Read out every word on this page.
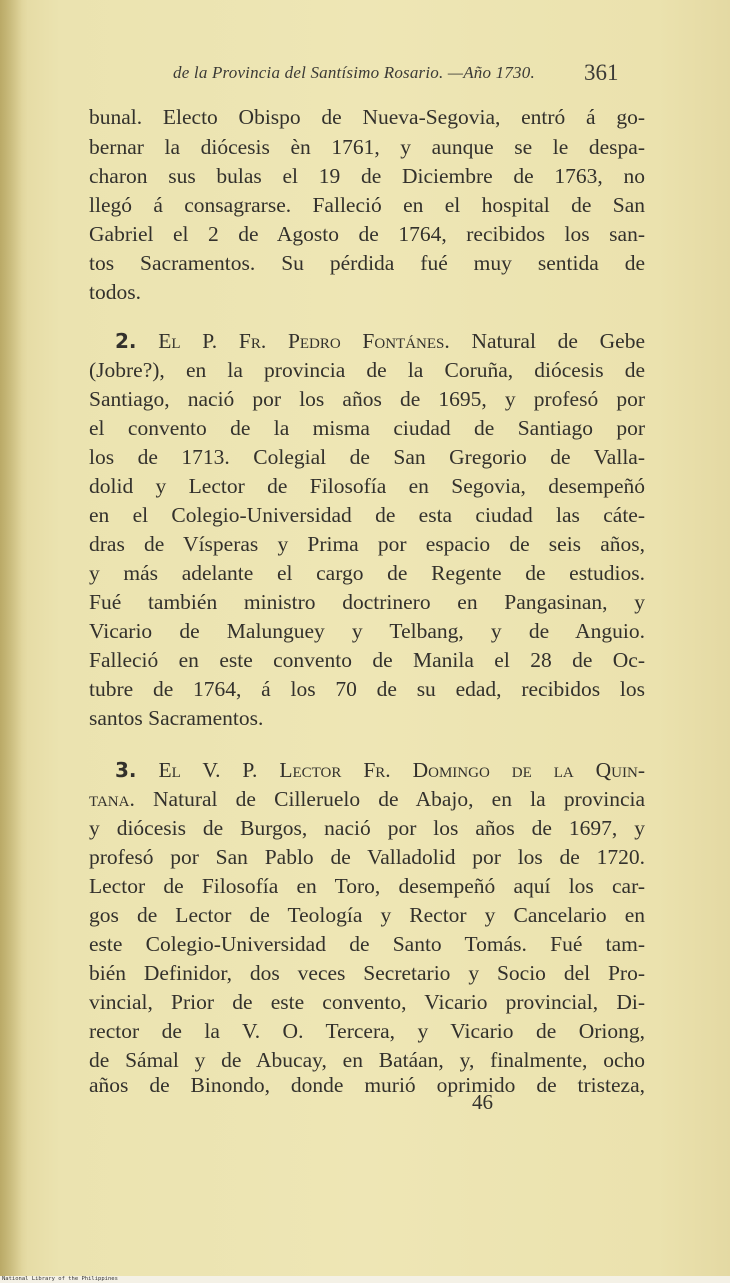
de la Provincia del Santísimo Rosario. —Año 1730. 361
bunal. Electo Obispo de Nueva-Segovia, entró á go-
bernar la diócesis èn 1761, y aunque se le despa-
charon sus bulas el 19 de Diciembre de 1763, no
llegó á consagrarse. Falleció en el hospital de San
Gabriel el 2 de Agosto de 1764, recibidos los san-
tos Sacramentos. Su pérdida fué muy sentida de
todos.
2. El P. Fr. Pedro Fontánes. Natural de Gebe
(Jobre?), en la provincia de la Coruña, diócesis de
Santiago, nació por los años de 1695, y profesó por
el convento de la misma ciudad de Santiago por
los de 1713. Colegial de San Gregorio de Valla-
dolid y Lector de Filosofía en Segovia, desempeñó
en el Colegio-Universidad de esta ciudad las cáte-
dras de Vísperas y Prima por espacio de seis años,
y más adelante el cargo de Regente de estudios.
Fué también ministro doctrinero en Pangasinan, y
Vicario de Malunguey y Telbang, y de Anguio.
Falleció en este convento de Manila el 28 de Oc-
tubre de 1764, á los 70 de su edad, recibidos los
santos Sacramentos.
3. El V. P. Lector Fr. Domingo de la Quin-
tana. Natural de Cilleruelo de Abajo, en la provincia
y diócesis de Burgos, nació por los años de 1697, y
profesó por San Pablo de Valladolid por los de 1720.
Lector de Filosofía en Toro, desempeñó aquí los car-
gos de Lector de Teología y Rector y Cancelario en
este Colegio-Universidad de Santo Tomás. Fué tam-
bién Definidor, dos veces Secretario y Socio del Pro-
vincial, Prior de este convento, Vicario provincial, Di-
rector de la V. O. Tercera, y Vicario de Oriong,
de Sámal y de Abucay, en Batáan, y, finalmente, ocho
años de Binondo, donde murió oprimido de tristeza,
46
National Library of the Philippines
